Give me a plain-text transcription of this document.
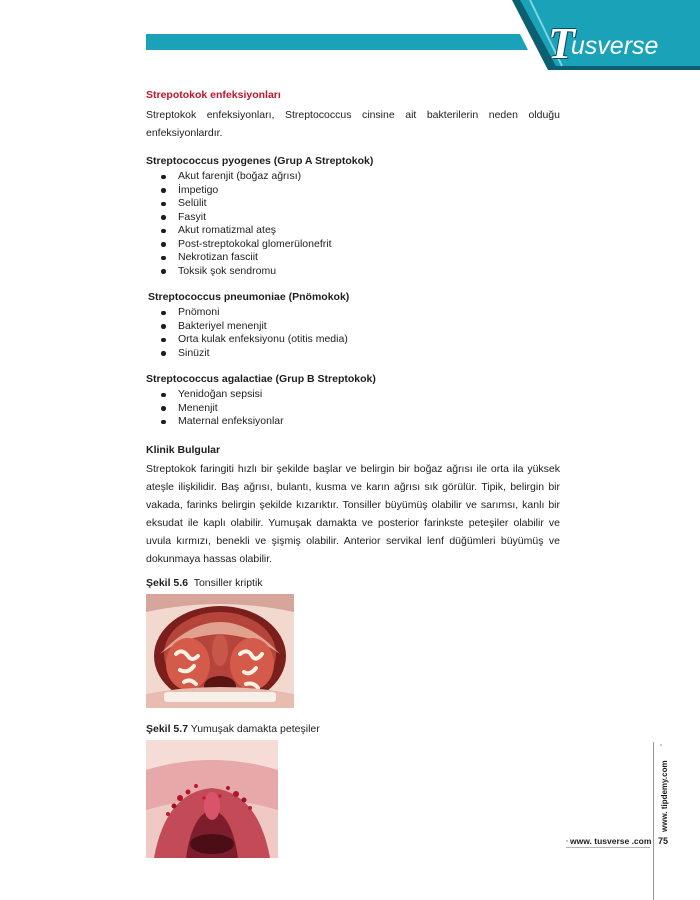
T
usverse
Strepotokok enfeksiyonları

Streptokok enfeksiyonları, Streptococcus cinsine ait bakterilerin neden olduğu enfeksiyonlardır.

Streptococcus pyogenes (Grup A Streptokok)
Akut farenjit (boğaz ağrısı)
İmpetigo
Selülit
Fasyit
Akut romatizmal ateş
Post-streptokokal glomerülonefrit
Nekrotizan fasciit
Toksik şok sendromu
Streptococcus pneumoniae (Pnömokok)
Pnömoni
Bakteriyel menenjit
Orta kulak enfeksiyonu (otitis media)
Sinüzit
Streptococcus agalactiae (Grup B Streptokok)
Yenidoğan sepsisi
Menenjit
Maternal enfeksiyonlar
Klinik Bulgular

Streptokok faringiti hızlı bir şekilde başlar ve belirgin bir boğaz ağrısı ile orta ila yüksek ateşle ilişkilidir. Baş ağrısı, bulantı, kusma ve karın ağrısı sık görülür. Tipik, belirgin bir vakada, farinks belirgin şekilde kızarıktır. Tonsiller büyümüş olabilir ve sarımsı, kanlı bir eksudat ile kaplı olabilir. Yumuşak damakta ve posterior farinkste peteşiler olabilir ve uvula kırmızı, benekli ve şişmiş olabilir. Anterior servikal lenf düğümleri büyümüş ve dokunmaya hassas olabilir.

Şekil 5.6 Tonsiller kriptik
Şekil 5.7 Yumuşak damakta peteşiler
www. tipdemy.com
www. tusverse .com 75
